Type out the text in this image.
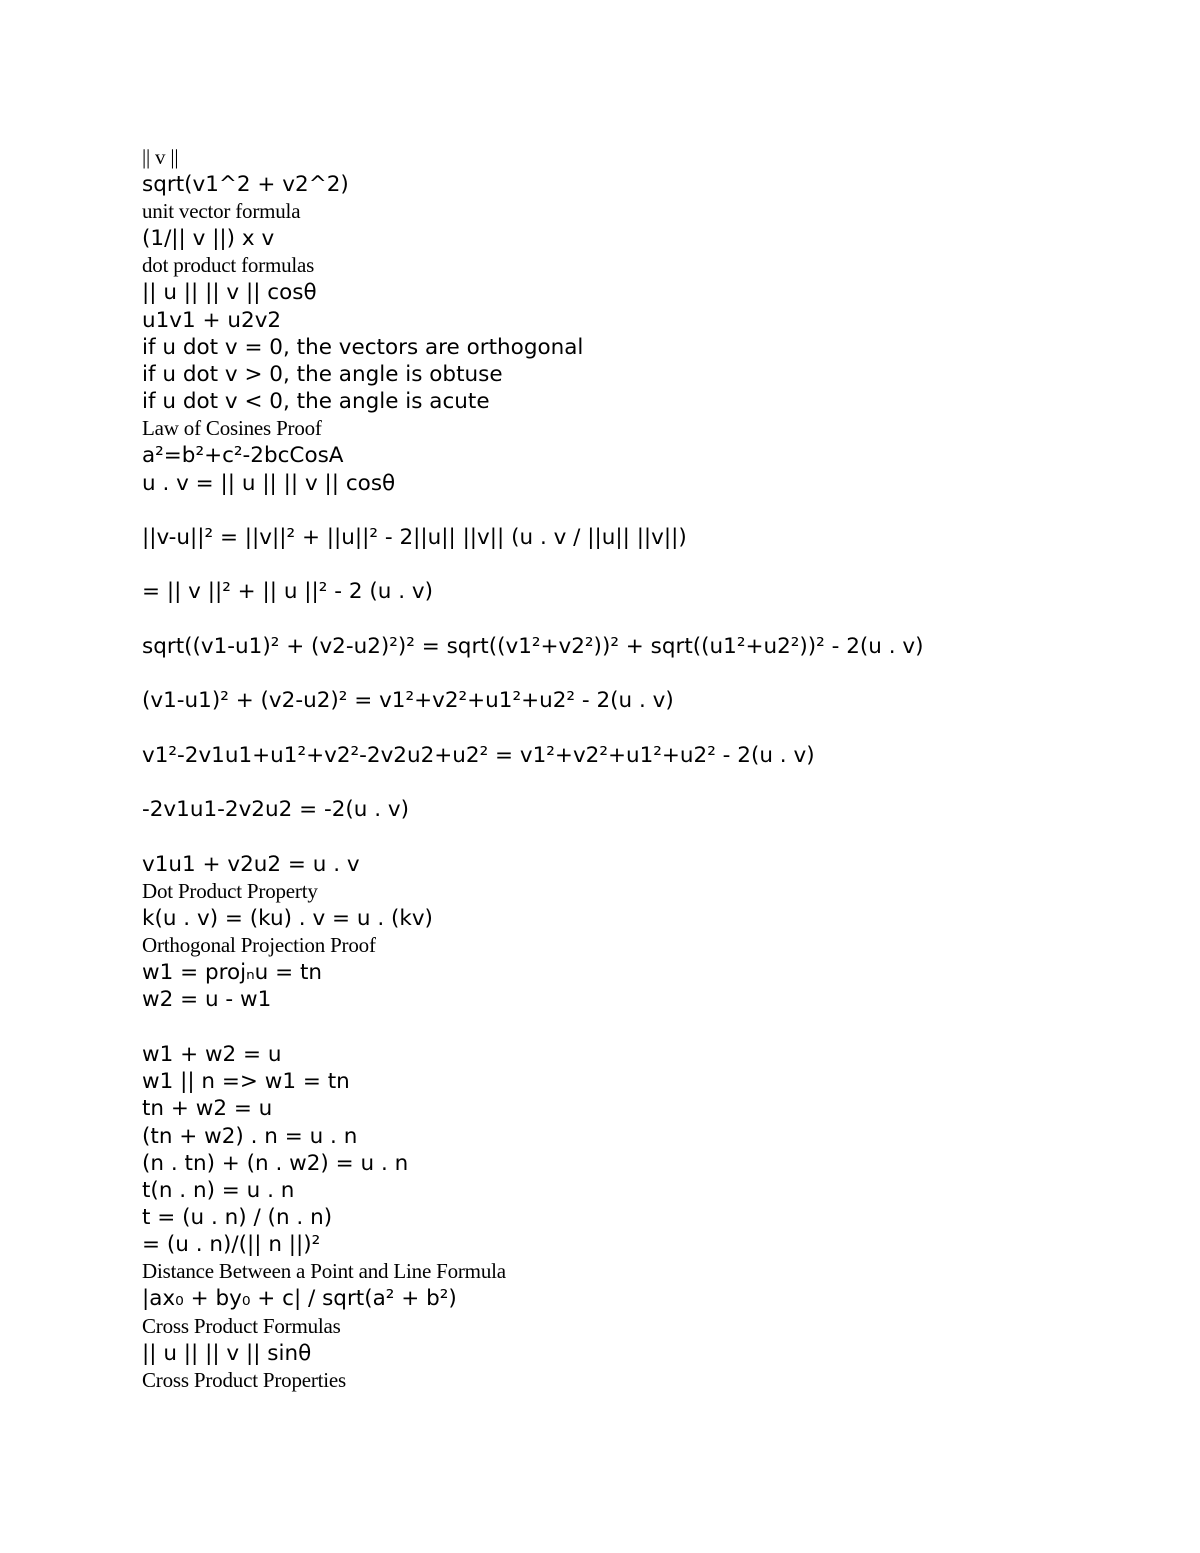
|| v ||
sqrt(v1^2 + v2^2)
unit vector formula
(1/|| v ||) x v
dot product formulas
|| u || || v || cosθ
u1v1 + u2v2
if u dot v = 0, the vectors are orthogonal
if u dot v > 0, the angle is obtuse
if u dot v < 0, the angle is acute
Law of Cosines Proof
a²=b²+c²-2bcCosA
u . v = || u || || v || cosθ
||v-u||² = ||v||² + ||u||² - 2||u|| ||v|| (u . v / ||u|| ||v||)
= || v ||² + || u ||² - 2 (u . v)
sqrt((v1-u1)² + (v2-u2)²)² = sqrt((v1²+v2²))² + sqrt((u1²+u2²))² - 2(u . v)
(v1-u1)² + (v2-u2)² = v1²+v2²+u1²+u2² - 2(u . v)
v1²-2v1u1+u1²+v2²-2v2u2+u2² = v1²+v2²+u1²+u2² - 2(u . v)
-2v1u1-2v2u2 = -2(u . v)
v1u1 + v2u2 = u . v
Dot Product Property
k(u . v) = (ku) . v = u . (kv)
Orthogonal Projection Proof
w1 = projₙu = tn
w2 = u - w1
w1 + w2 = u
w1 || n => w1 = tn
tn + w2 = u
(tn + w2) . n = u . n
(n . tn) + (n . w2) = u . n
t(n . n) = u . n
t = (u . n) / (n . n)
= (u . n)/(|| n ||)²
Distance Between a Point and Line Formula
|ax₀ + by₀ + c| / sqrt(a² + b²)
Cross Product Formulas
|| u || || v || sinθ
Cross Product Properties
